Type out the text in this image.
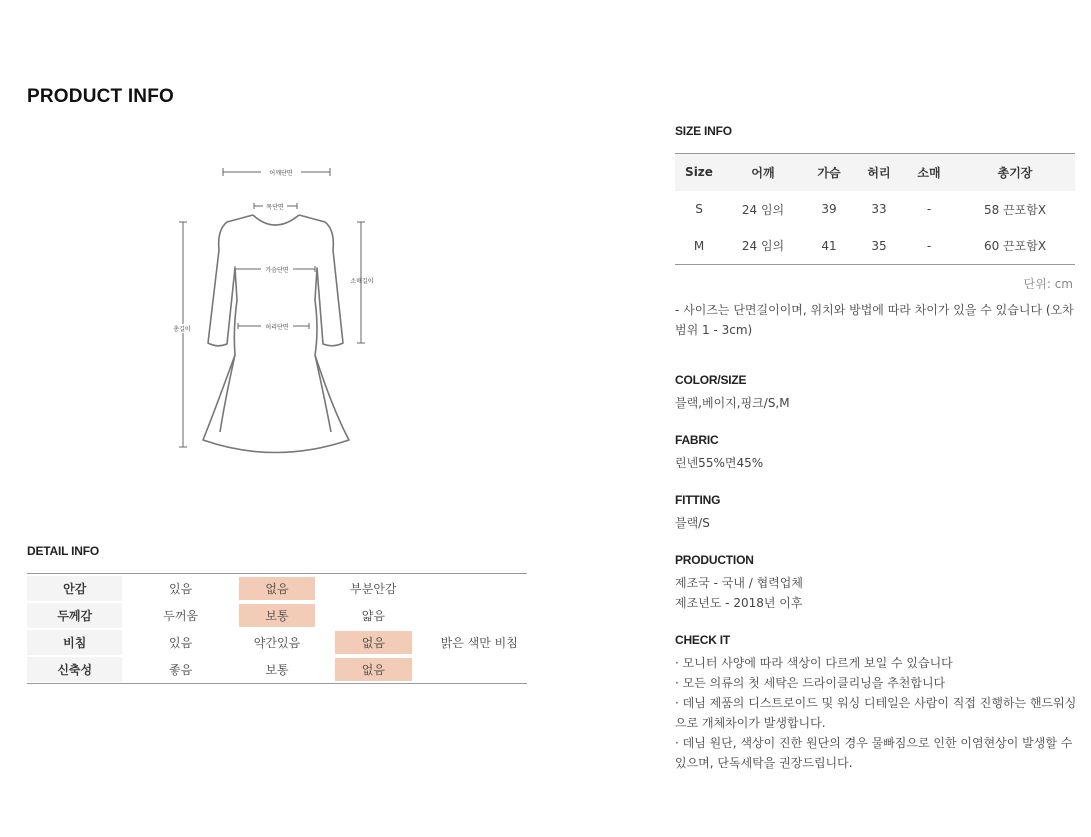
PRODUCT INFO
어깨단면
목단면
가슴단면
허리단면
소매길이
총길이
DETAIL INFO
안감	있음	없음	부분안감
두께감	두꺼움	보통	얇음
비침	있음	약간있음	없음	밝은 색만 비침
신축성	좋음	보통	없음
SIZE INFO
Size	어깨	가슴	허리	소매	총기장
S	24 임의	39	33	-	58 끈포함X
M	24 임의	41	35	-	60 끈포함X
단위: cm
- 사이즈는 단면길이이며, 위치와 방법에 따라 차이가 있을 수 있습니다 (오차범위 1 - 3cm)
COLOR/SIZE
블랙,베이지,핑크/S,M
FABRIC
린넨55%면45%
FITTING
블랙/S
PRODUCTION
제조국 - 국내 / 협력업체
제조년도 - 2018년 이후
CHECK IT
· 모니터 사양에 따라 색상이 다르게 보일 수 있습니다
· 모든 의류의 첫 세탁은 드라이클리닝을 추천합니다
· 데님 제품의 디스트로이드 및 워싱 디테일은 사람이 직접 진행하는 핸드워싱으로 개체차이가 발생합니다.
· 데님 원단, 색상이 진한 원단의 경우 물빠짐으로 인한 이염현상이 발생할 수 있으며, 단독세탁을 권장드립니다.
